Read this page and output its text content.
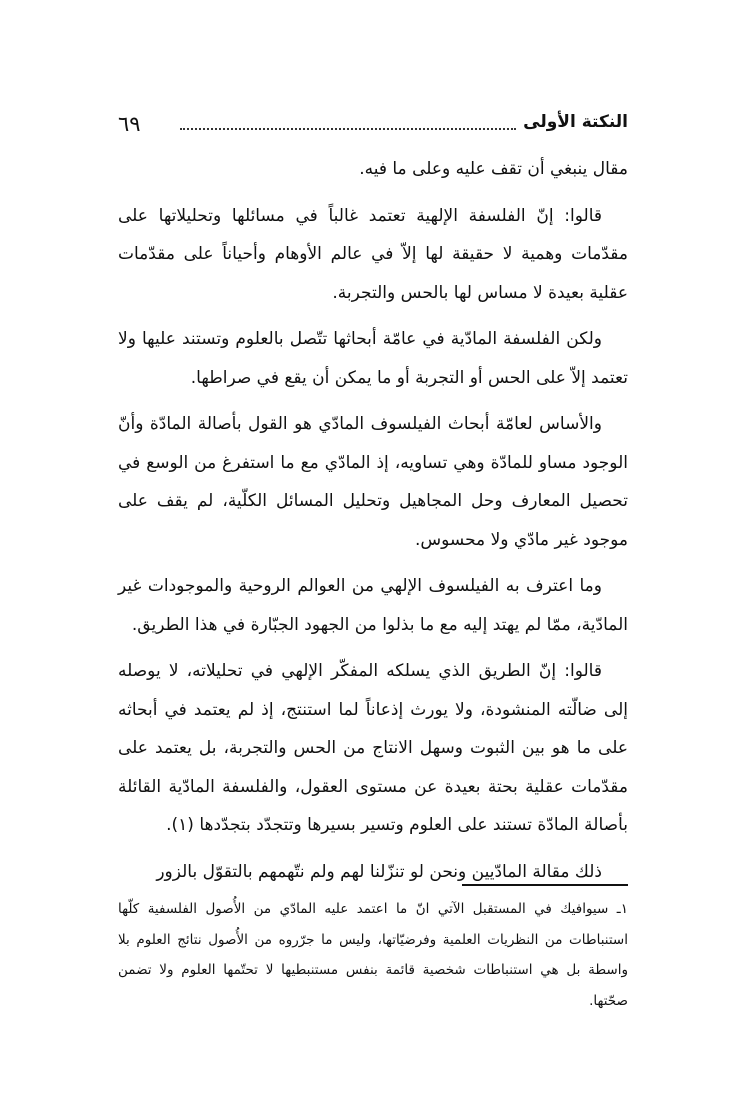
النكتة الأولى
٦٩

مقال ينبغي أن تقف عليه وعلى ما فيه.

قالوا: إنّ الفلسفة الإلهية تعتمد غالباً في مسائلها وتحليلاتها على مقدّمات وهمية لا حقيقة لها إلاّ في عالم الأوهام وأحياناً على مقدّمات عقلية بعيدة لا مساس لها بالحس والتجربة.

ولكن الفلسفة المادّية في عامّة أبحاثها تتّصل بالعلوم وتستند عليها ولا تعتمد إلاّ على الحس أو التجربة أو ما يمكن أن يقع في صراطها.

والأساس لعامّة أبحاث الفيلسوف المادّي هو القول بأصالة المادّة وأنّ الوجود مساو للمادّة وهي تساويه، إذ المادّي مع ما استفرغ من الوسع في تحصيل المعارف وحل المجاهيل وتحليل المسائل الكلّية، لم يقف على موجود غير مادّي ولا محسوس.

وما اعترف به الفيلسوف الإلهي من العوالم الروحية والموجودات غير المادّية، ممّا لم يهتد إليه مع ما بذلوا من الجهود الجبّارة في هذا الطريق.

قالوا: إنّ الطريق الذي يسلكه المفكّر الإلهي في تحليلاته، لا يوصله إلى ضالّته المنشودة، ولا يورث إذعاناً لما استنتج، إذ لم يعتمد في أبحاثه على ما هو بين الثبوت وسهل الانتاج من الحس والتجربة، بل يعتمد على مقدّمات عقلية بحتة بعيدة عن مستوى العقول، والفلسفة المادّية القائلة بأصالة المادّة تستند على العلوم وتسير بسيرها وتتجدّد بتجدّدها (١).

ذلك مقالة المادّيين ونحن لو تنزّلنا لهم ولم نتّهمهم بالتقوّل بالزور

١ـ سيوافيك في المستقبل الآتي انّ ما اعتمد عليه المادّي من الأُصول الفلسفية كلّها استنباطات من النظريات العلمية وفرضيّاتها، وليس ما جرّروه من الأُصول نتائج العلوم بلا واسطة بل هي استنباطات شخصية قائمة بنفس مستنبطيها لا تحتّمها العلوم ولا تضمن صحّتها.
